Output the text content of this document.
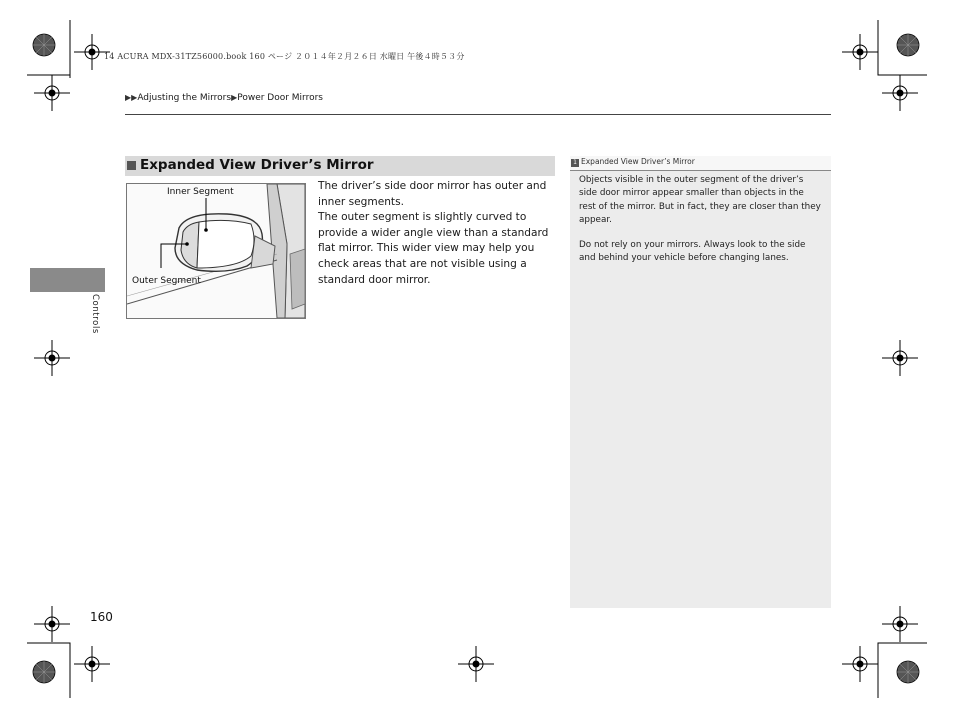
14 ACURA MDX-31TZ56000.book 160 ページ ２０１４年２月２６日 水曜日 午後４時５３分
▶▶Adjusting the Mirrors▶Power Door Mirrors
Controls
Expanded View Driver’s Mirror
Inner Segment
Outer Segment

The driver’s side door mirror has outer and inner segments.

The outer segment is slightly curved to provide a wider angle view than a standard flat mirror. This wider view may help you check areas that are not visible using a standard door mirror.

1 Expanded View Driver’s Mirror

Objects visible in the outer segment of the driver’s side door mirror appear smaller than objects in the rest of the mirror. But in fact, they are closer than they appear.

Do not rely on your mirrors. Always look to the side and behind your vehicle before changing lanes.

160
